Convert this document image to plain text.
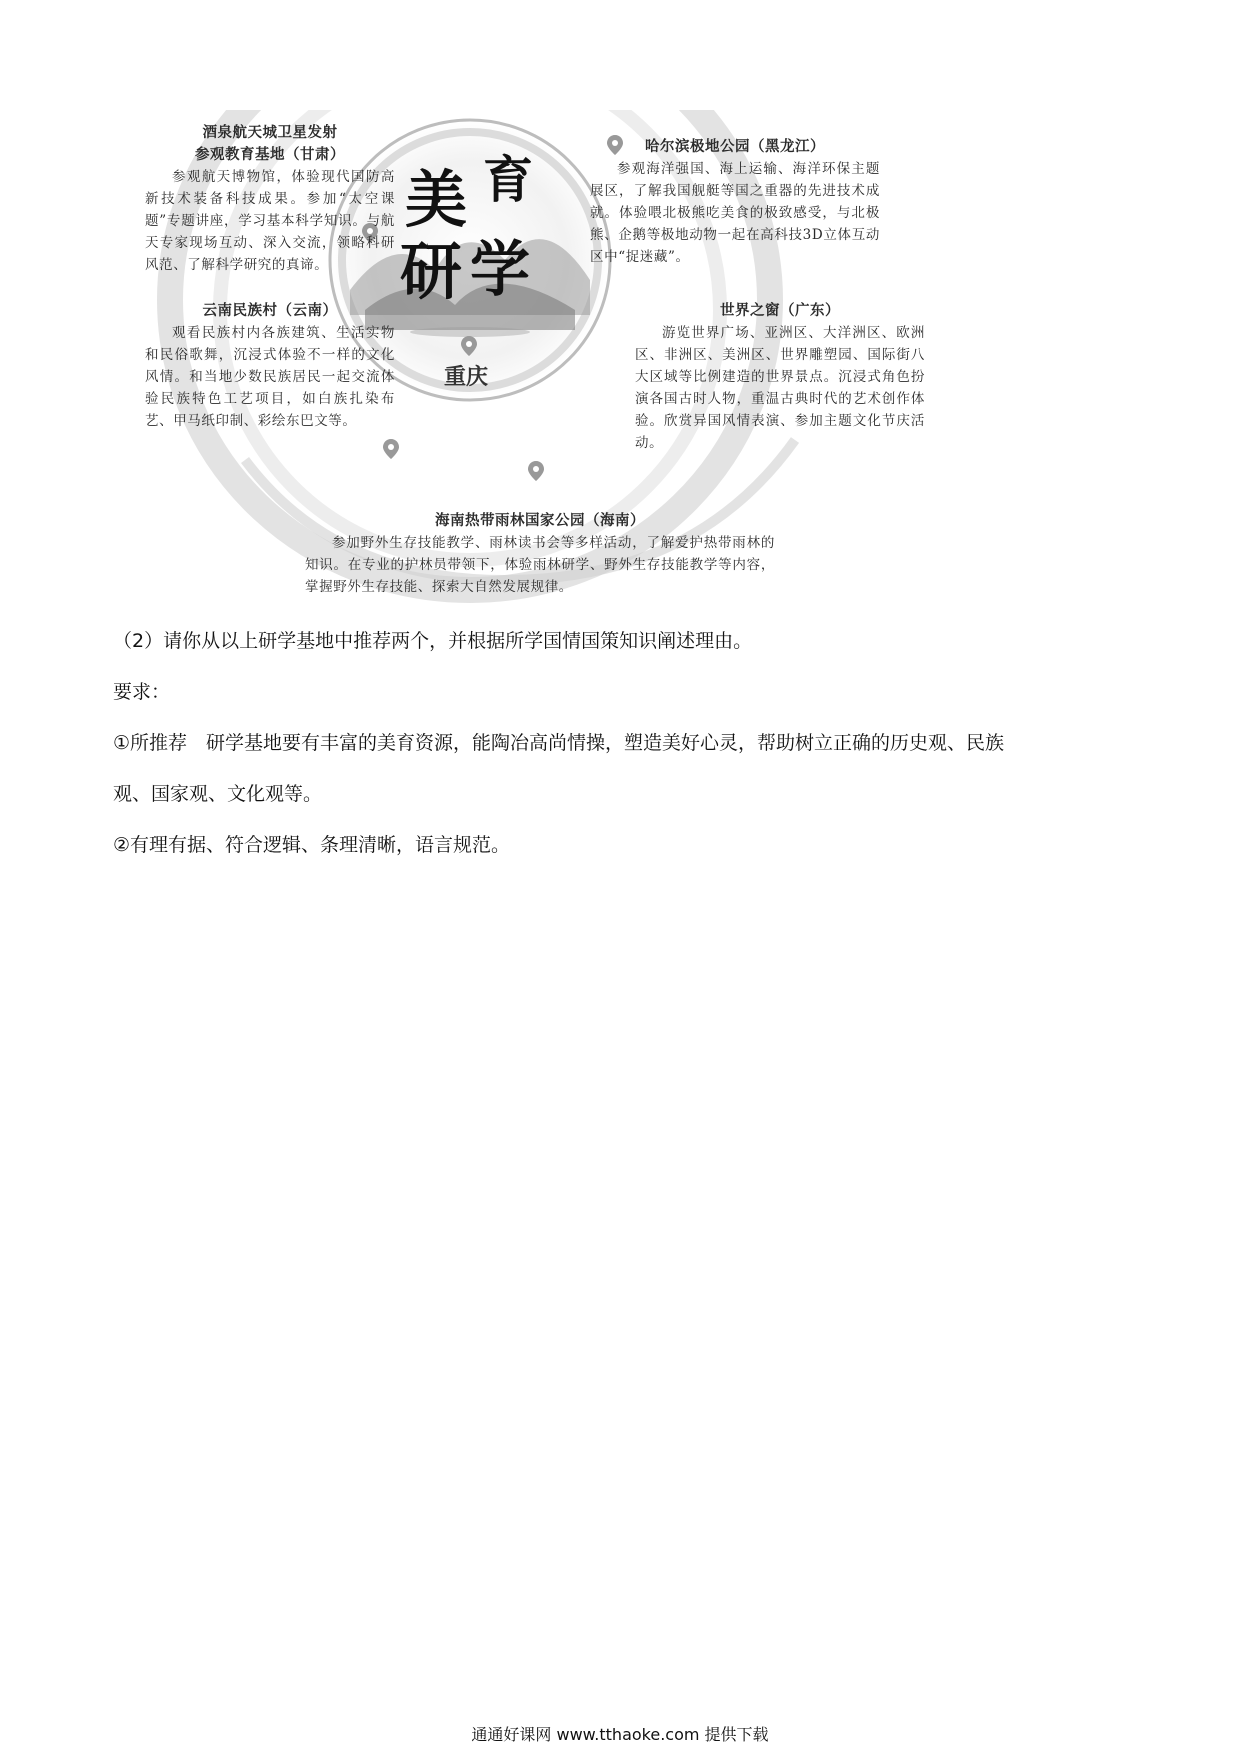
美 育
研 学
重庆
酒泉航天城卫星发射
参观教育基地（甘肃）
参观航天博物馆，体验现代国防高新技术装备科技成果。参加“太空课题”专题讲座，学习基本科学知识。与航天专家现场互动、深入交流，领略科研风范、了解科学研究的真谛。
哈尔滨极地公园（黑龙江）
参观海洋强国、海上运输、海洋环保主题展区，了解我国舰艇等国之重器的先进技术成就。体验喂北极熊吃美食的极致感受，与北极熊、企鹅等极地动物一起在高科技3D立体互动区中“捉迷藏”。
云南民族村（云南）
观看民族村内各族建筑、生活实物和民俗歌舞，沉浸式体验不一样的文化风情。和当地少数民族居民一起交流体验民族特色工艺项目，如白族扎染布艺、甲马纸印制、彩绘东巴文等。
世界之窗（广东）
游览世界广场、亚洲区、大洋洲区、欧洲区、非洲区、美洲区、世界雕塑园、国际街八大区域等比例建造的世界景点。沉浸式角色扮演各国古时人物，重温古典时代的艺术创作体验。欣赏异国风情表演、参加主题文化节庆活动。
海南热带雨林国家公园（海南）
参加野外生存技能教学、雨林读书会等多样活动，了解爱护热带雨林的知识。在专业的护林员带领下，体验雨林研学、野外生存技能教学等内容，掌握野外生存技能、探索大自然发展规律。

（2）请你从以上研学基地中推荐两个，并根据所学国情国策知识阐述理由。

要求：

①所推荐　研学基地要有丰富的美育资源，能陶冶高尚情操，塑造美好心灵，帮助树立正确的历史观、民族

观、国家观、文化观等。

②有理有据、符合逻辑、条理清晰，语言规范。

通通好课网 www.tthaoke.com 提供下载
